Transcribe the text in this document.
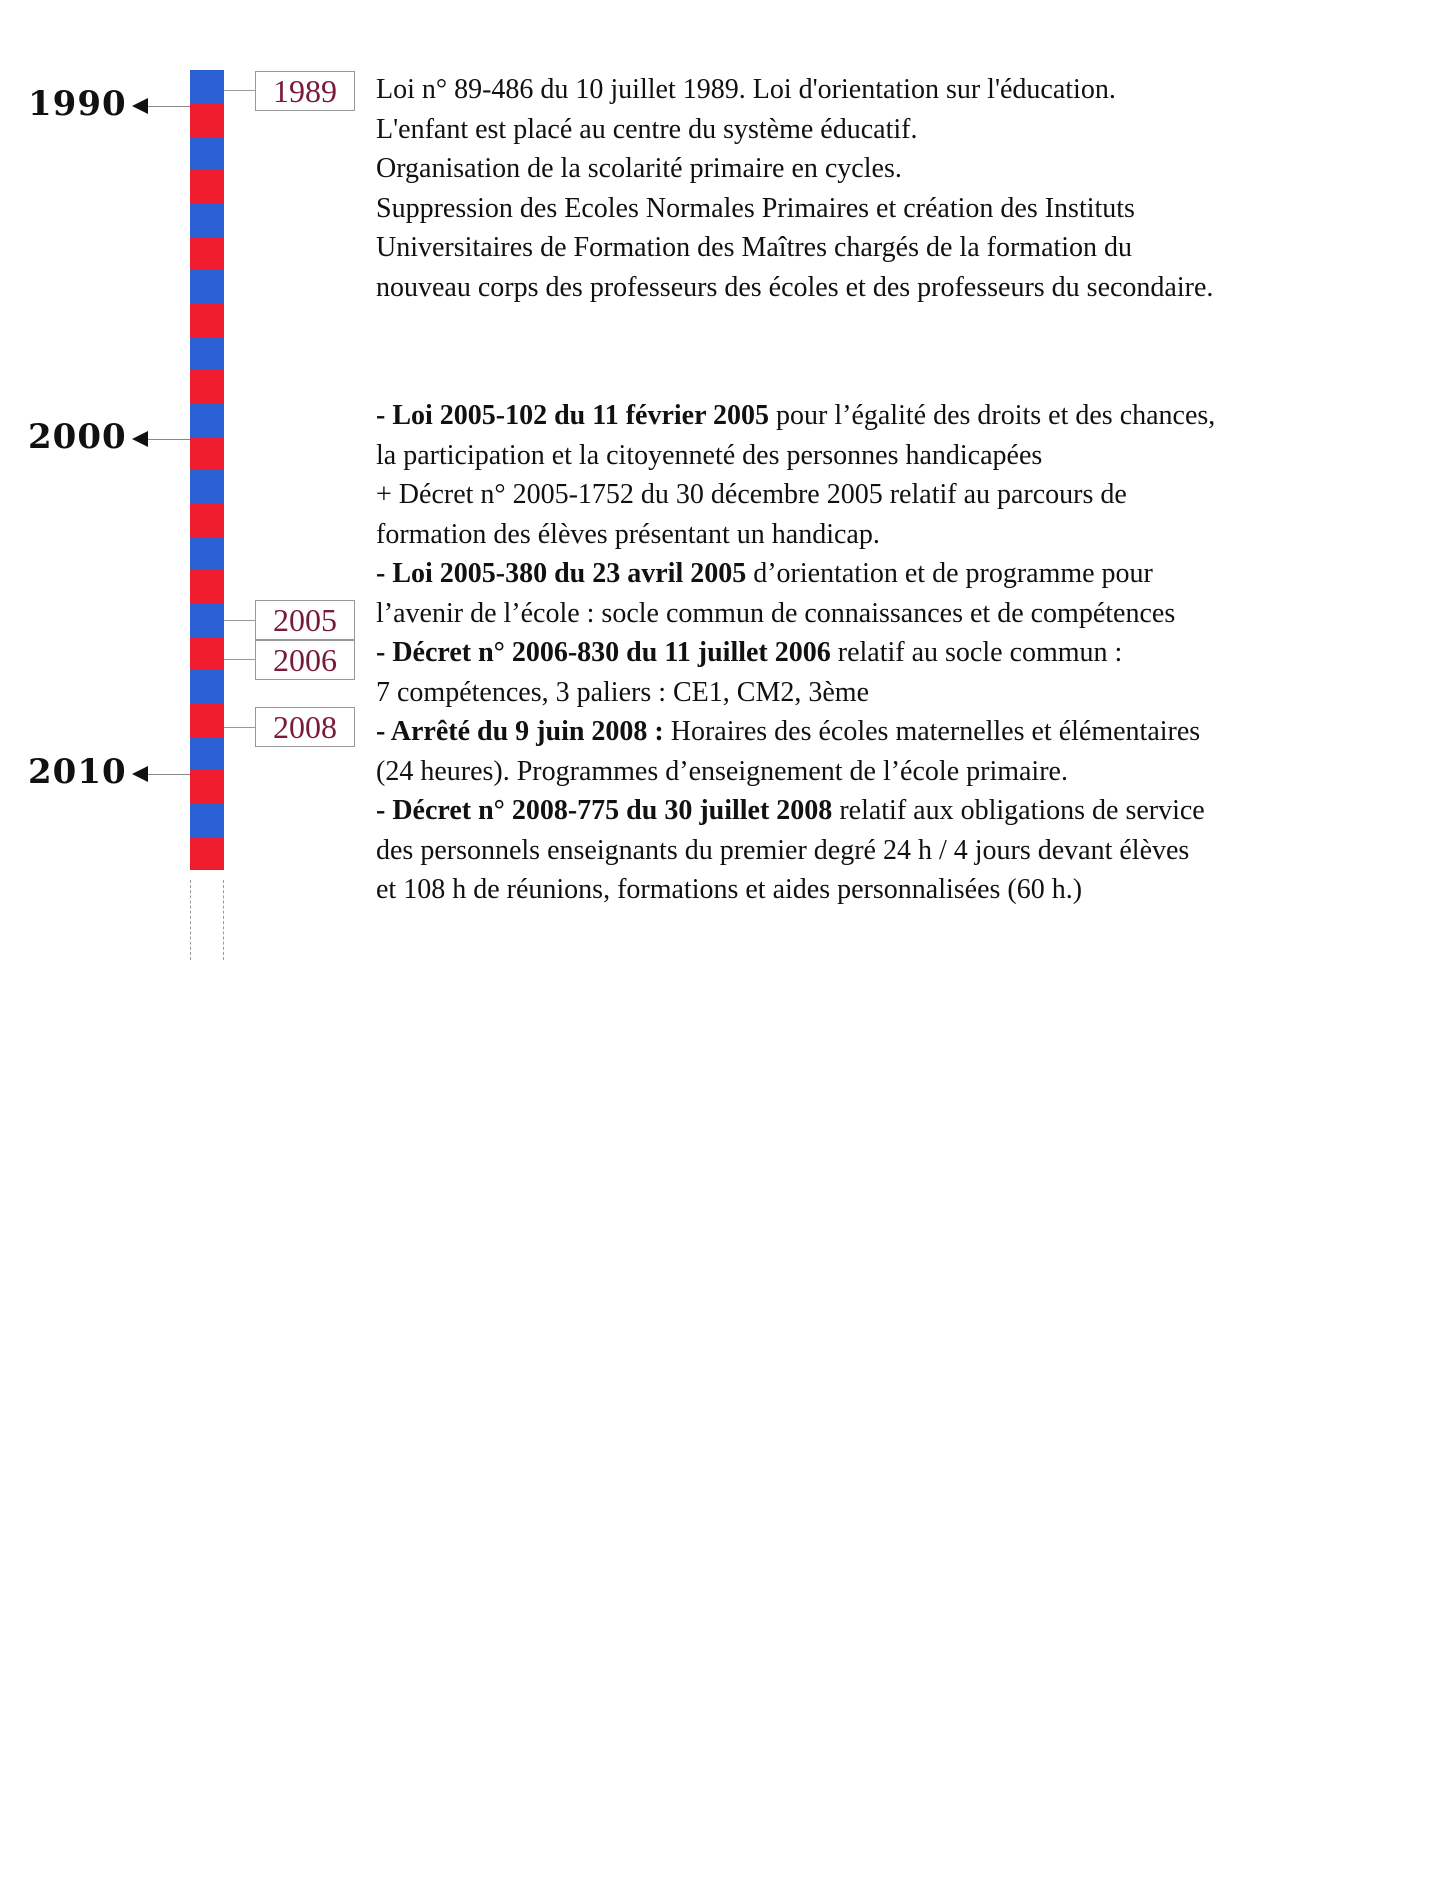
1990
2000
2010
1989
2005
2006
2008

Loi n° 89-486 du 10 juillet 1989. Loi d'orientation sur l'éducation.

L'enfant est placé au centre du système éducatif.

Organisation de la scolarité primaire en cycles.

Suppression des Ecoles Normales Primaires et création des Instituts

Universitaires de Formation des Maîtres chargés de la formation du

nouveau corps des professeurs des écoles et des professeurs du secondaire.

- Loi 2005-102 du 11 février 2005 pour l’égalité des droits et des chances,

la participation et la citoyenneté des personnes handicapées

+ Décret n° 2005-1752 du 30 décembre 2005 relatif au parcours de

formation des élèves présentant un handicap.

- Loi 2005-380 du 23 avril 2005 d’orientation et de programme pour

l’avenir de l’école : socle commun de connaissances et de compétences

- Décret n° 2006-830 du 11 juillet 2006 relatif au socle commun :

7 compétences, 3 paliers : CE1, CM2, 3ème

- Arrêté du 9 juin 2008 : Horaires des écoles maternelles et élémentaires

(24 heures). Programmes d’enseignement de l’école primaire.

- Décret n° 2008-775 du 30 juillet 2008 relatif aux obligations de service

des personnels enseignants du premier degré 24 h / 4 jours devant élèves

et 108 h de réunions, formations et aides personnalisées (60 h.)
